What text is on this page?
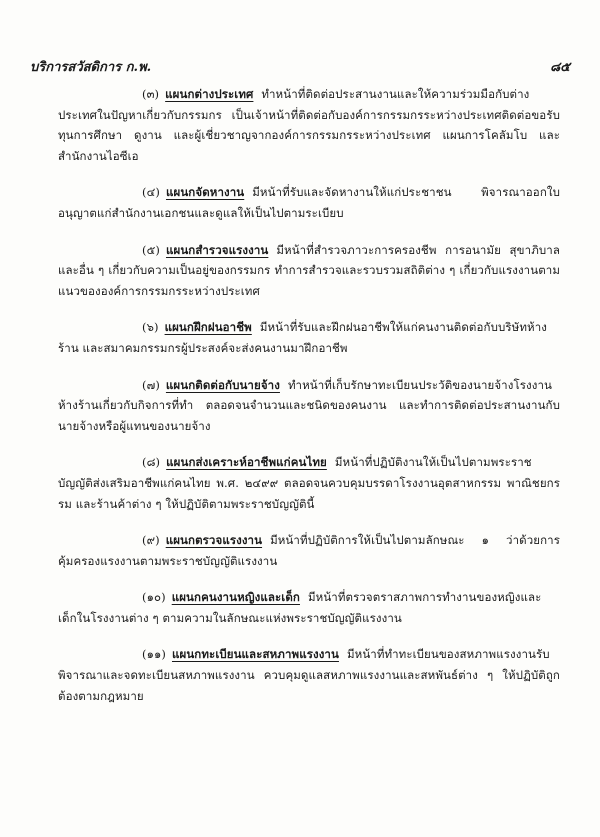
บริการสวัสดิการ ก.พ.	๘๕

(๓) แผนกต่างประเทศ ทำหน้าที่ติดต่อประสานงานและให้ความร่วมมือกับต่างประเทศในปัญหาเกี่ยวกับกรรมกร เป็นเจ้าหน้าที่ติดต่อกับองค์การกรรมกรระหว่างประเทศติดต่อขอรับทุนการศึกษา ดูงาน และผู้เชี่ยวชาญจากองค์การกรรมกรระหว่างประเทศ แผนการโคลัมโบ และสำนักงานไอซีเอ

(๔) แผนกจัดหางาน มีหน้าที่รับและจัดหางานให้แก่ประชาชน พิจารณาออกใบอนุญาตแก่สำนักงานเอกชนและดูแลให้เป็นไปตามระเบียบ

(๕) แผนกสำรวจแรงงาน มีหน้าที่สำรวจภาวะการครองชีพ การอนามัย สุขาภิบาล และอื่น ๆ เกี่ยวกับความเป็นอยู่ของกรรมกร ทำการสำรวจและรวบรวมสถิติต่าง ๆ เกี่ยวกับแรงงานตามแนวขององค์การกรรมกรระหว่างประเทศ

(๖) แผนกฝึกฝนอาชีพ มีหน้าที่รับและฝึกฝนอาชีพให้แก่คนงานติดต่อกับบริษัทห้างร้าน และสมาคมกรรมกรผู้ประสงค์จะส่งคนงานมาฝึกอาชีพ

(๗) แผนกติดต่อกับนายจ้าง ทำหน้าที่เก็บรักษาทะเบียนประวัติของนายจ้างโรงงาน ห้างร้านเกี่ยวกับกิจการที่ทำ ตลอดจนจำนวนและชนิดของคนงาน และทำการติดต่อประสานงานกับนายจ้างหรือผู้แทนของนายจ้าง

(๘) แผนกส่งเคราะห์อาชีพแก่คนไทย มีหน้าที่ปฏิบัติงานให้เป็นไปตามพระราชบัญญัติส่งเสริมอาชีพแก่คนไทย พ.ศ. ๒๔๙๙ ตลอดจนควบคุมบรรดาโรงงานอุตสาหกรรม พาณิชยกรรม และร้านค้าต่าง ๆ ให้ปฏิบัติตามพระราชบัญญัตินี้

(๙) แผนกตรวจแรงงาน มีหน้าที่ปฏิบัติการให้เป็นไปตามลักษณะ ๑ ว่าด้วยการคุ้มครองแรงงานตามพระราชบัญญัติแรงงาน

(๑๐) แผนกคนงานหญิงและเด็ก มีหน้าที่ตรวจตราสภาพการทำงานของหญิงและเด็กในโรงงานต่าง ๆ ตามความในลักษณะแห่งพระราชบัญญัติแรงงาน

(๑๑) แผนกทะเบียนและสหภาพแรงงาน มีหน้าที่ทำทะเบียนของสหภาพแรงงานรับพิจารณาและจดทะเบียนสหภาพแรงงาน ควบคุมดูแลสหภาพแรงงานและสหพันธ์ต่าง ๆ ให้ปฏิบัติถูกต้องตามกฎหมาย
